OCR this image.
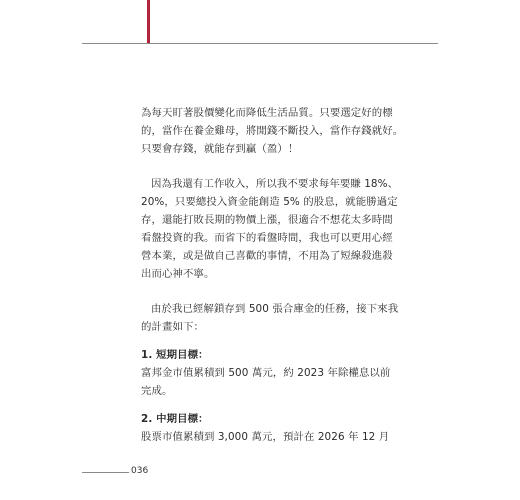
為每天盯著股價變化而降低生活品質。只要選定好的標
的，當作在養金雞母，將閒錢不斷投入，當作存錢就好。
只要會存錢，就能存到贏（盈）！
因為我還有工作收入，所以我不要求每年要賺 18%、
20%，只要總投入資金能創造 5% 的股息，就能勝過定
存，還能打敗長期的物價上漲，很適合不想花太多時間
看盤投資的我。而省下的看盤時間，我也可以更用心經
營本業，或是做自己喜歡的事情，不用為了短線殺進殺
出而心神不寧。
由於我已經解鎖存到 500 張合庫金的任務，接下來我
的計畫如下：
1. 短期目標：
富邦金市值累積到 500 萬元，約 2023 年除權息以前
完成。
2. 中期目標：
股票市值累積到 3,000 萬元，預計在 2026 年 12 月
036
